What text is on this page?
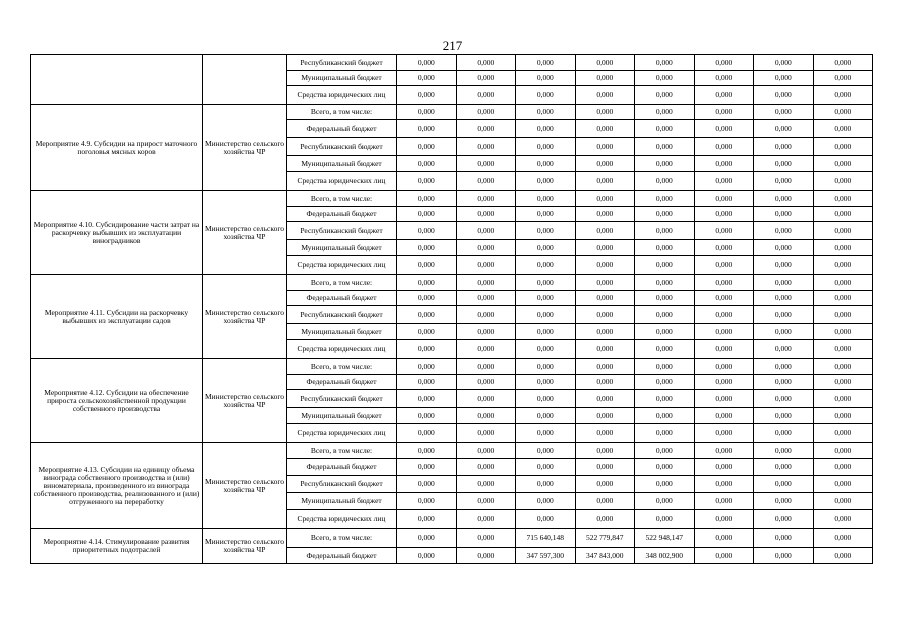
217
		Республиканский бюджет	0,000	0,000	0,000	0,000	0,000	0,000	0,000	0,000
		Муниципальный бюджет	0,000	0,000	0,000	0,000	0,000	0,000	0,000	0,000
		Средства юридических лиц	0,000	0,000	0,000	0,000	0,000	0,000	0,000	0,000
Мероприятие 4.9. Субсидии на прирост маточного поголовья мясных коров	Министерство сельского хозяйства ЧР	Всего, в том числе:	0,000	0,000	0,000	0,000	0,000	0,000	0,000	0,000
		Федеральный бюджет	0,000	0,000	0,000	0,000	0,000	0,000	0,000	0,000
		Республиканский бюджет	0,000	0,000	0,000	0,000	0,000	0,000	0,000	0,000
		Муниципальный бюджет	0,000	0,000	0,000	0,000	0,000	0,000	0,000	0,000
		Средства юридических лиц	0,000	0,000	0,000	0,000	0,000	0,000	0,000	0,000
Мероприятие 4.10. Субсидирование части затрат на раскорчевку выбывших из эксплуатации виноградников	Министерство сельского хозяйства ЧР	Всего, в том числе:	0,000	0,000	0,000	0,000	0,000	0,000	0,000	0,000
		Федеральный бюджет	0,000	0,000	0,000	0,000	0,000	0,000	0,000	0,000
		Республиканский бюджет	0,000	0,000	0,000	0,000	0,000	0,000	0,000	0,000
		Муниципальный бюджет	0,000	0,000	0,000	0,000	0,000	0,000	0,000	0,000
		Средства юридических лиц	0,000	0,000	0,000	0,000	0,000	0,000	0,000	0,000
Мероприятие 4.11. Субсидии на раскорчевку выбывших из эксплуатации садов	Министерство сельского хозяйства ЧР	Всего, в том числе:	0,000	0,000	0,000	0,000	0,000	0,000	0,000	0,000
		Федеральный бюджет	0,000	0,000	0,000	0,000	0,000	0,000	0,000	0,000
		Республиканский бюджет	0,000	0,000	0,000	0,000	0,000	0,000	0,000	0,000
		Муниципальный бюджет	0,000	0,000	0,000	0,000	0,000	0,000	0,000	0,000
		Средства юридических лиц	0,000	0,000	0,000	0,000	0,000	0,000	0,000	0,000
Мероприятие 4.12. Субсидии на обеспечение прироста сельскохозяйственной продукции собственного производства	Министерство сельского хозяйства ЧР	Всего, в том числе:	0,000	0,000	0,000	0,000	0,000	0,000	0,000	0,000
		Федеральный бюджет	0,000	0,000	0,000	0,000	0,000	0,000	0,000	0,000
		Республиканский бюджет	0,000	0,000	0,000	0,000	0,000	0,000	0,000	0,000
		Муниципальный бюджет	0,000	0,000	0,000	0,000	0,000	0,000	0,000	0,000
		Средства юридических лиц	0,000	0,000	0,000	0,000	0,000	0,000	0,000	0,000
Мероприятие 4.13. Субсидии на единицу объема винограда собственного производства и (или) виноматериала, произведенного из винограда собственного производства, реализованного и (или) отгруженного на переработку	Министерство сельского хозяйства ЧР	Всего, в том числе:	0,000	0,000	0,000	0,000	0,000	0,000	0,000	0,000
		Федеральный бюджет	0,000	0,000	0,000	0,000	0,000	0,000	0,000	0,000
		Республиканский бюджет	0,000	0,000	0,000	0,000	0,000	0,000	0,000	0,000
		Муниципальный бюджет	0,000	0,000	0,000	0,000	0,000	0,000	0,000	0,000
		Средства юридических лиц	0,000	0,000	0,000	0,000	0,000	0,000	0,000	0,000
Мероприятие 4.14. Стимулирование развития приоритетных подотраслей	Министерство сельского хозяйства ЧР	Всего, в том числе:	0,000	0,000	715 640,148	522 779,847	522 948,147	0,000	0,000	0,000
		Федеральный бюджет	0,000	0,000	347 597,300	347 843,000	348 002,900	0,000	0,000	0,000
